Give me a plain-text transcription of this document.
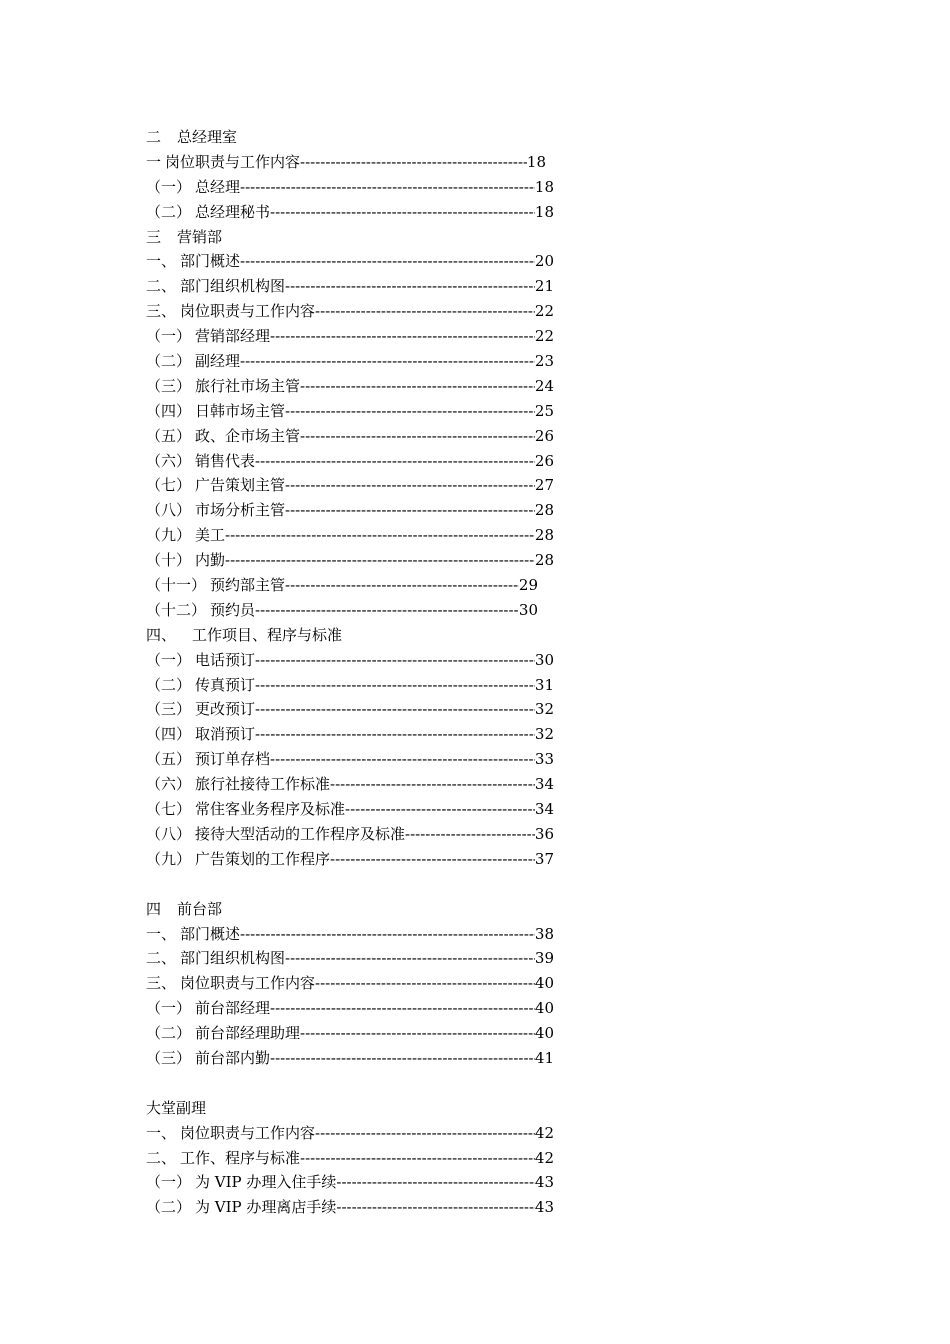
二 总经理室
一 岗位职责与工作内容 -----	18
（一） 总经理 -----	18
（二） 总经理秘书 -----	18
三 营销部
一、 部门概述 -----	20
二、 部门组织机构图 -----	21
三、 岗位职责与工作内容 -----	22
（一） 营销部经理 -----	22
（二） 副经理 -----	23
（三） 旅行社市场主管 -----	24
（四） 日韩市场主管 -----	25
（五） 政、企市场主管 -----	26
（六） 销售代表 -----	26
（七） 广告策划主管 -----	27
（八） 市场分析主管 -----	28
（九） 美工 -----	28
（十） 内勤 -----	28
（十一） 预约部主管 -----	29
（十二） 预约员 -----	30
四、 工作项目、程序与标准
（一） 电话预订 -----	30
（二） 传真预订 -----	31
（三） 更改预订 -----	32
（四） 取消预订 -----	32
（五） 预订单存档 -----	33
（六） 旅行社接待工作标准 -----	34
（七） 常住客业务程序及标准 -----	34
（八） 接待大型活动的工作程序及标准 -----	36
（九） 广告策划的工作程序 -----	37
四 前台部
一、 部门概述 -----	38
二、 部门组织机构图 -----	39
三、 岗位职责与工作内容 -----	40
（一） 前台部经理 -----	40
（二） 前台部经理助理 -----	40
（三） 前台部内勤 -----	41
大堂副理
一、 岗位职责与工作内容 -----	42
二、 工作、程序与标准 -----	42
（一） 为 VIP 办理入住手续 -----	43
（二） 为 VIP 办理离店手续 -----	43
